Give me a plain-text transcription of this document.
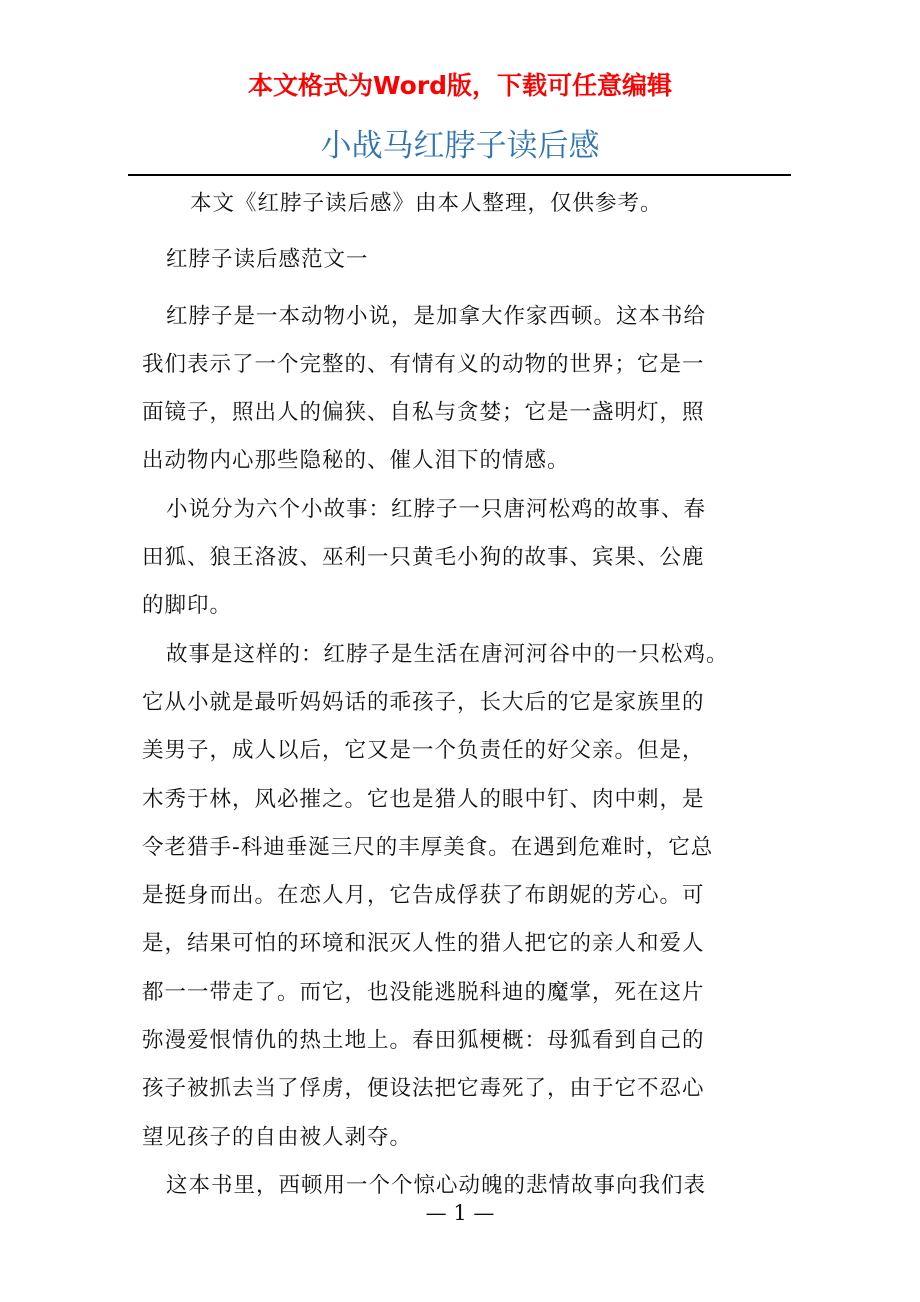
本文格式为Word版，下载可任意编辑
小战马红脖子读后感
本文《红脖子读后感》由本人整理，仅供参考。
红脖子读后感范文一
红脖子是一本动物小说，是加拿大作家西顿。这本书给
我们表示了一个完整的、有情有义的动物的世界；它是一
面镜子，照出人的偏狭、自私与贪婪；它是一盏明灯，照
出动物内心那些隐秘的、催人泪下的情感。
小说分为六个小故事：红脖子一只唐河松鸡的故事、春
田狐、狼王洛波、巫利一只黄毛小狗的故事、宾果、公鹿
的脚印。
故事是这样的：红脖子是生活在唐河河谷中的一只松鸡。
它从小就是最听妈妈话的乖孩子，长大后的它是家族里的
美男子，成人以后，它又是一个负责任的好父亲。但是，
木秀于林，风必摧之。它也是猎人的眼中钉、肉中刺，是
令老猎手-科迪垂涎三尺的丰厚美食。在遇到危难时，它总
是挺身而出。在恋人月，它告成俘获了布朗妮的芳心。可
是，结果可怕的环境和泯灭人性的猎人把它的亲人和爱人
都一一带走了。而它，也没能逃脱科迪的魔掌，死在这片
弥漫爱恨情仇的热土地上。春田狐梗概：母狐看到自己的
孩子被抓去当了俘虏，便设法把它毒死了，由于它不忍心
望见孩子的自由被人剥夺。
这本书里，西顿用一个个惊心动魄的悲情故事向我们表
— 1 —
